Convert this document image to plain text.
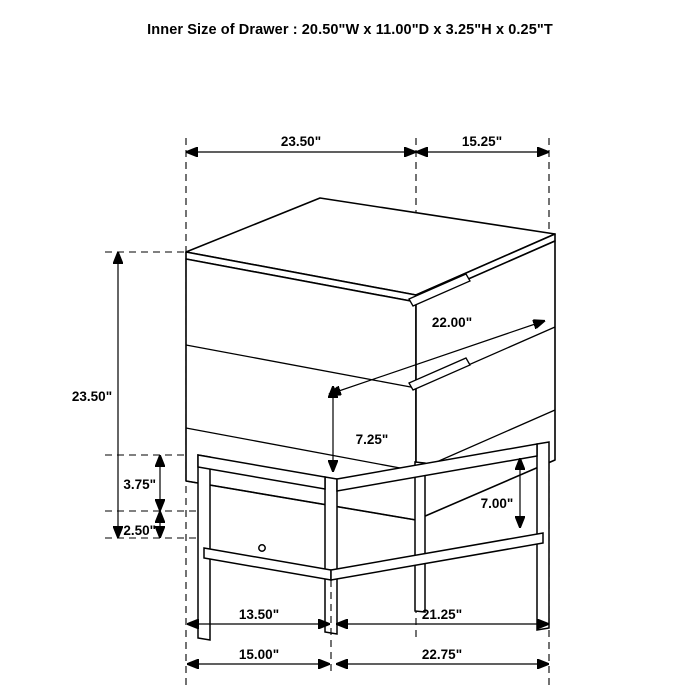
Inner Size of Drawer : 20.50"W x 11.00"D x 3.25"H x 0.25"T
23.50"	15.25"
23.50"
3.75"
2.50"
22.00"
7.25"
7.00"
13.50"	21.25"
15.00"	22.75"
